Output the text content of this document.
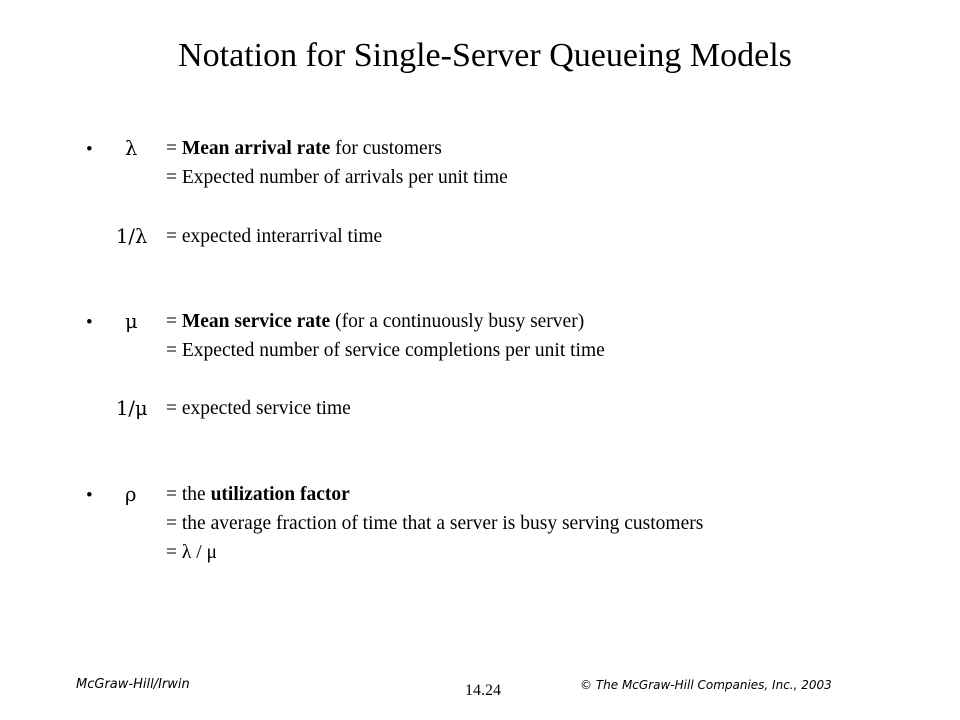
Notation for Single-Server Queueing Models
• λ = Mean arrival rate for customers
= Expected number of arrivals per unit time
1/λ = expected interarrival time
• μ = Mean service rate (for a continuously busy server)
= Expected number of service completions per unit time
1/μ = expected service time
• ρ = the utilization factor
= the average fraction of time that a server is busy serving customers
= λ / μ
McGraw-Hill/Irwin	14.24	© The McGraw-Hill Companies, Inc., 2003
